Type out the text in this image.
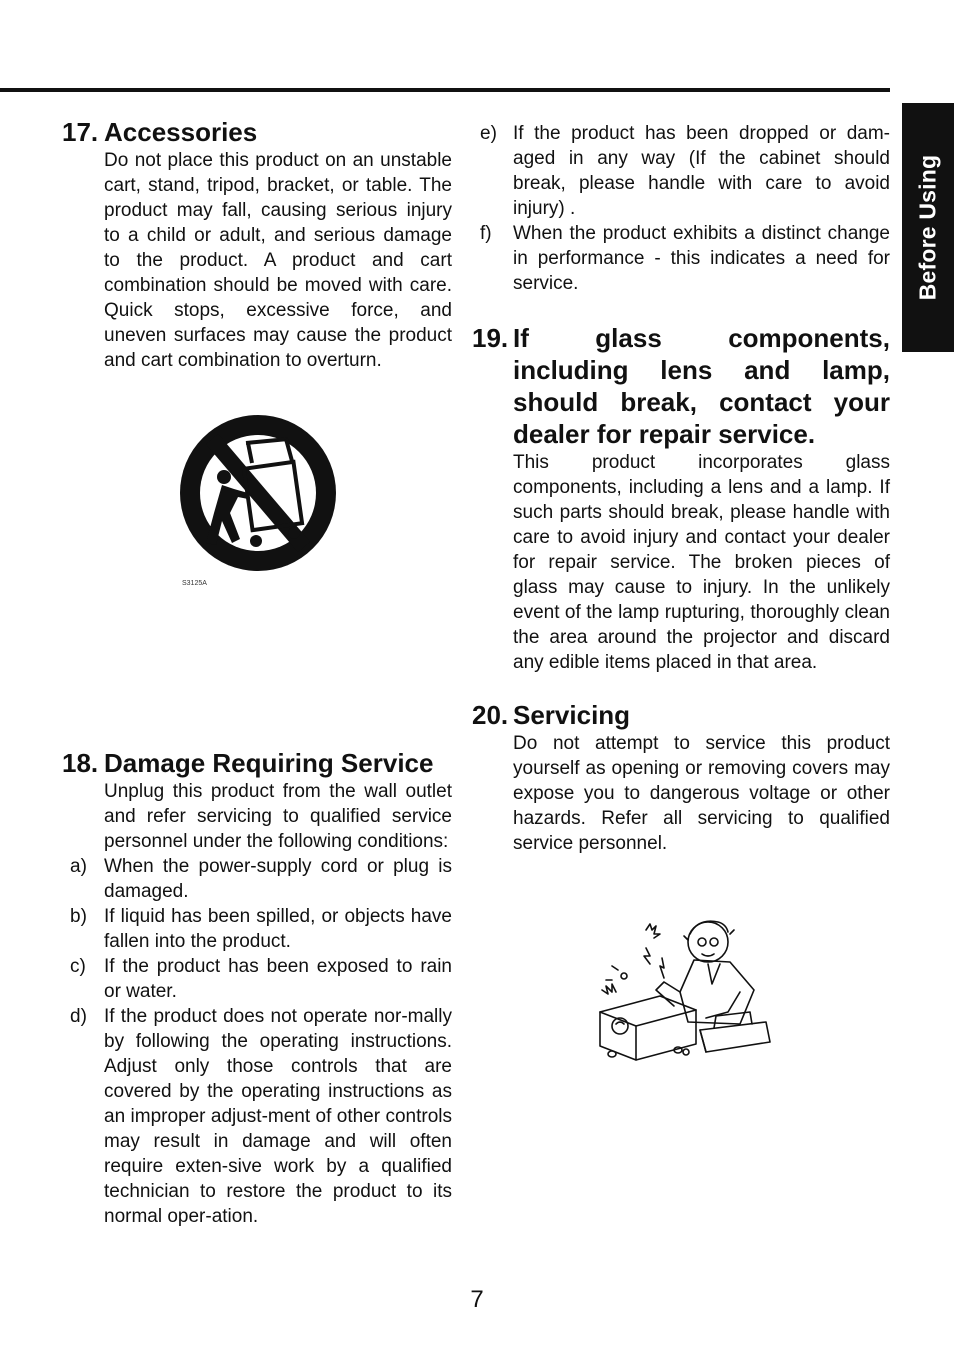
Before Using
17. Accessories

Do not place this product on an unstable cart, stand, tripod, bracket, or table. The product may fall, causing serious injury to a child or adult, and serious damage to the product. A product and cart combination should be moved with care. Quick stops, excessive force, and uneven surfaces may cause the product and cart combination to overturn.

S3125A
18. Damage Requiring Service

Unplug this product from the wall outlet and refer servicing to qualified service personnel under the following conditions:

a) When the power-supply cord or plug is damaged.
b) If liquid has been spilled, or objects have fallen into the product.
c) If the product has been exposed to rain or water.
d) If the product does not operate nor-mally by following the operating instructions. Adjust only those controls that are covered by the operating instructions as an improper adjust-ment of other controls may result in damage and will often require exten-sive work by a qualified technician to restore the product to its normal oper-ation.
e) If the product has been dropped or dam-aged in any way (If the cabinet should break, please handle with care to avoid injury) .
f)	When the product exhibits a distinct change in performance - this indicates a need for service.
19. If glass components, including lens and lamp, should break, contact your dealer for repair service.

This product incorporates glass components, including a lens and a lamp. If such parts should break, please handle with care to avoid injury and contact your dealer for repair service. The broken pieces of glass may cause to injury. In the unlikely event of the lamp rupturing, thoroughly clean the area around the projector and discard any edible items placed in that area.

20. Servicing

Do not attempt to service this product yourself as opening or removing covers may expose you to dangerous voltage or other hazards. Refer all servicing to qualified service personnel.

7
